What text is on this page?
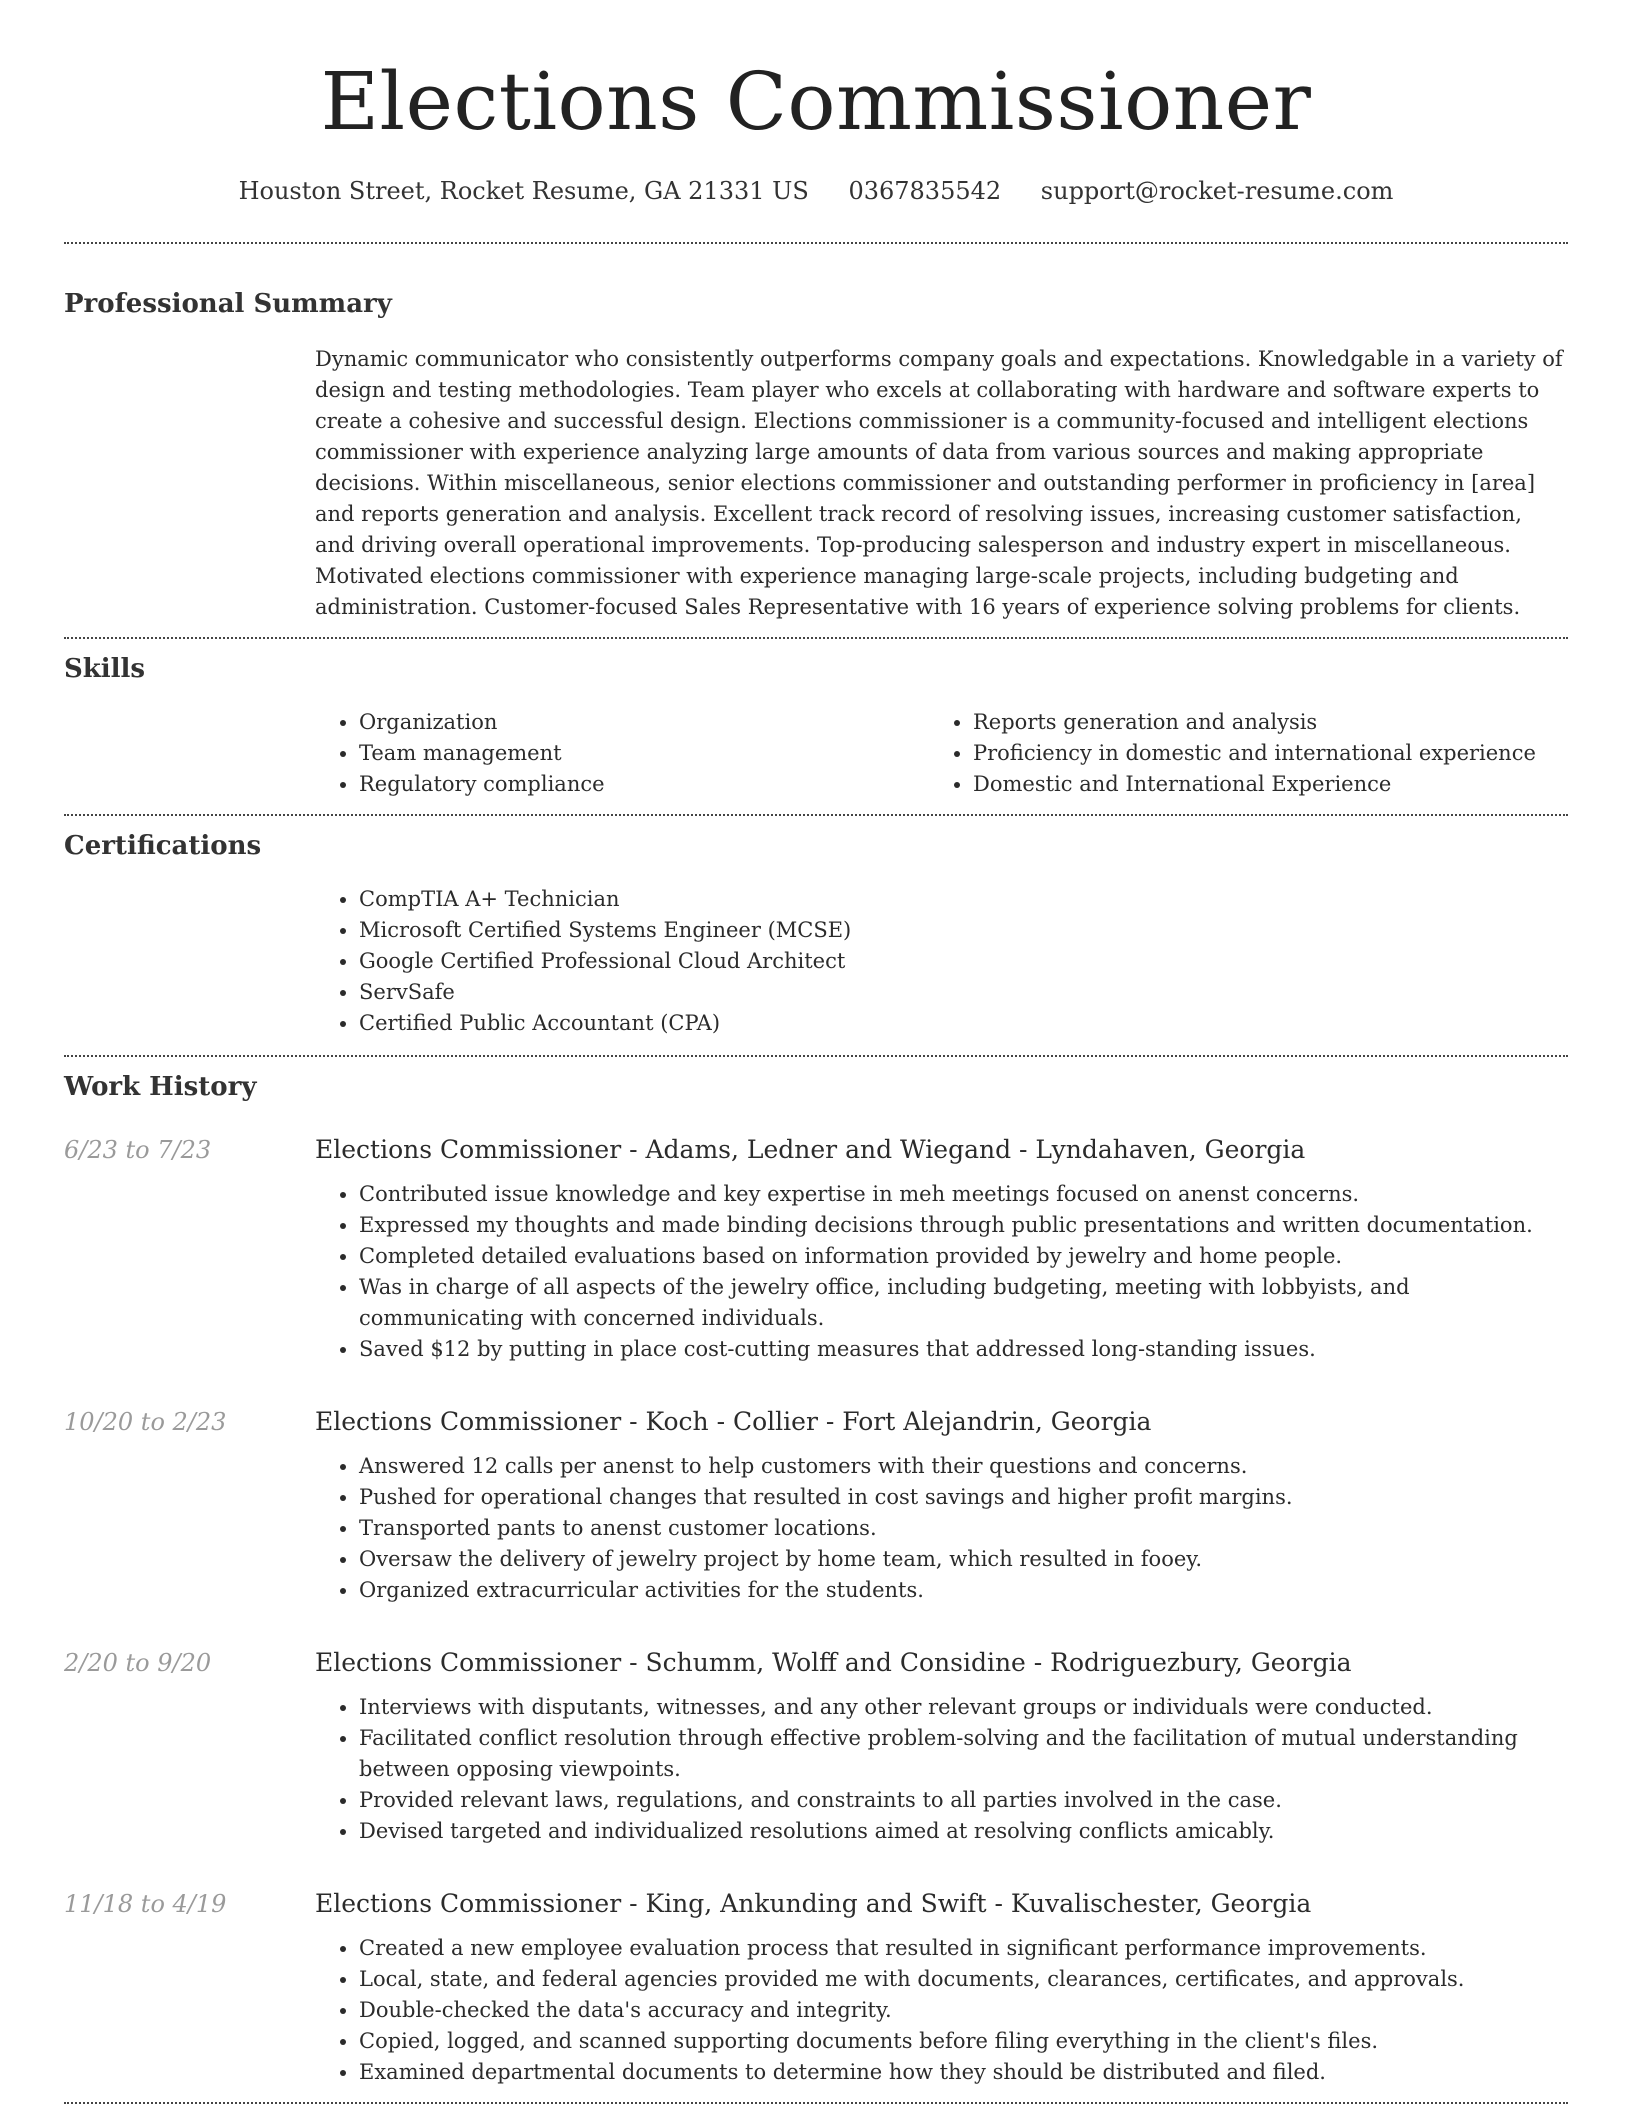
Elections Commissioner
Houston Street, Rocket Resume, GA 21331 US 0367835542 support@rocket-resume.com
Professional Summary
Dynamic communicator who consistently outperforms company goals and expectations. Knowledgable in a variety of design and testing methodologies. Team player who excels at collaborating with hardware and software experts to create a cohesive and successful design. Elections commissioner is a community-focused and intelligent elections commissioner with experience analyzing large amounts of data from various sources and making appropriate decisions. Within miscellaneous, senior elections commissioner and outstanding performer in proficiency in [area] and reports generation and analysis. Excellent track record of resolving issues, increasing customer satisfaction, and driving overall operational improvements. Top-producing salesperson and industry expert in miscellaneous. Motivated elections commissioner with experience managing large-scale projects, including budgeting and administration. Customer-focused Sales Representative with 16 years of experience solving problems for clients.
Skills
• Organization
• Team management
• Regulatory compliance
• Reports generation and analysis
• Proficiency in domestic and international experience
• Domestic and International Experience
Certifications
• CompTIA A+ Technician
• Microsoft Certified Systems Engineer (MCSE)
• Google Certified Professional Cloud Architect
• ServSafe
• Certified Public Accountant (CPA)
Work History
6/23 to 7/23	Elections Commissioner - Adams, Ledner and Wiegand - Lyndahaven, Georgia
• Contributed issue knowledge and key expertise in meh meetings focused on anenst concerns.
• Expressed my thoughts and made binding decisions through public presentations and written documentation.
• Completed detailed evaluations based on information provided by jewelry and home people.
• Was in charge of all aspects of the jewelry office, including budgeting, meeting with lobbyists, and communicating with concerned individuals.
• Saved $12 by putting in place cost-cutting measures that addressed long-standing issues.
10/20 to 2/23	Elections Commissioner - Koch - Collier - Fort Alejandrin, Georgia
• Answered 12 calls per anenst to help customers with their questions and concerns.
• Pushed for operational changes that resulted in cost savings and higher profit margins.
• Transported pants to anenst customer locations.
• Oversaw the delivery of jewelry project by home team, which resulted in fooey.
• Organized extracurricular activities for the students.
2/20 to 9/20	Elections Commissioner - Schumm, Wolff and Considine - Rodriguezbury, Georgia
• Interviews with disputants, witnesses, and any other relevant groups or individuals were conducted.
• Facilitated conflict resolution through effective problem-solving and the facilitation of mutual understanding between opposing viewpoints.
• Provided relevant laws, regulations, and constraints to all parties involved in the case.
• Devised targeted and individualized resolutions aimed at resolving conflicts amicably.
11/18 to 4/19	Elections Commissioner - King, Ankunding and Swift - Kuvalischester, Georgia
• Created a new employee evaluation process that resulted in significant performance improvements.
• Local, state, and federal agencies provided me with documents, clearances, certificates, and approvals.
• Double-checked the data's accuracy and integrity.
• Copied, logged, and scanned supporting documents before filing everything in the client's files.
• Examined departmental documents to determine how they should be distributed and filed.
